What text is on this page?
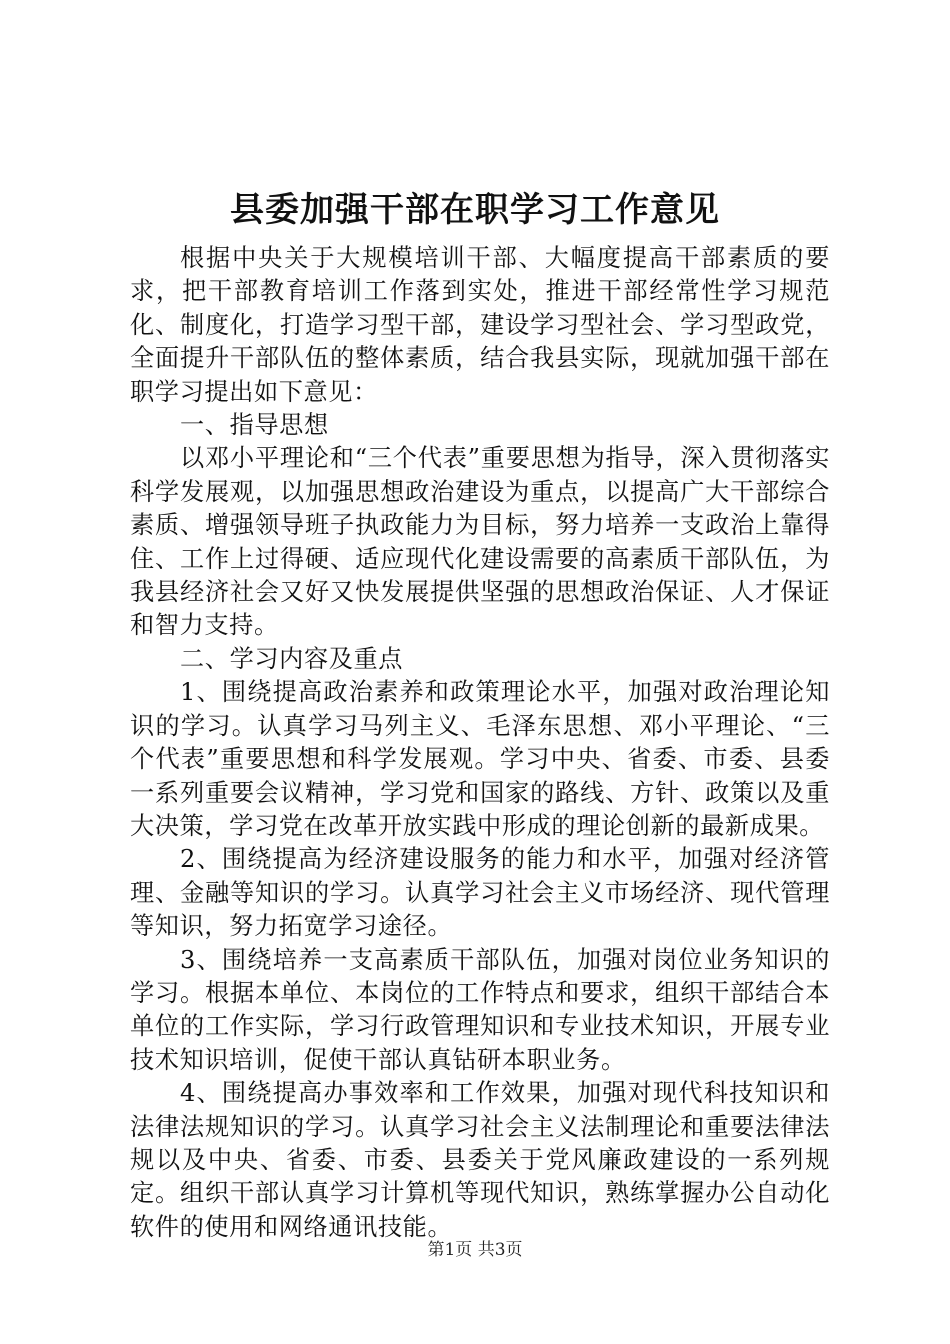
县委加强干部在职学习工作意见

根据中央关于大规模培训干部、大幅度提高干部素质的要求，把干部教育培训工作落到实处，推进干部经常性学习规范化、制度化，打造学习型干部，建设学习型社会、学习型政党，全面提升干部队伍的整体素质，结合我县实际，现就加强干部在职学习提出如下意见：

一、指导思想

以邓小平理论和“三个代表”重要思想为指导，深入贯彻落实科学发展观，以加强思想政治建设为重点，以提高广大干部综合素质、增强领导班子执政能力为目标，努力培养一支政治上靠得住、工作上过得硬、适应现代化建设需要的高素质干部队伍，为我县经济社会又好又快发展提供坚强的思想政治保证、人才保证和智力支持。

二、学习内容及重点

1、围绕提高政治素养和政策理论水平，加强对政治理论知识的学习。认真学习马列主义、毛泽东思想、邓小平理论、“三个代表”重要思想和科学发展观。学习中央、省委、市委、县委一系列重要会议精神，学习党和国家的路线、方针、政策以及重大决策，学习党在改革开放实践中形成的理论创新的最新成果。

2、围绕提高为经济建设服务的能力和水平，加强对经济管理、金融等知识的学习。认真学习社会主义市场经济、现代管理等知识，努力拓宽学习途径。

3、围绕培养一支高素质干部队伍，加强对岗位业务知识的学习。根据本单位、本岗位的工作特点和要求，组织干部结合本单位的工作实际，学习行政管理知识和专业技术知识，开展专业技术知识培训，促使干部认真钻研本职业务。

4、围绕提高办事效率和工作效果，加强对现代科技知识和法律法规知识的学习。认真学习社会主义法制理论和重要法律法规以及中央、省委、市委、县委关于党风廉政建设的一系列规定。组织干部认真学习计算机等现代知识，熟练掌握办公自动化软件的使用和网络通讯技能。

第1页 共3页
